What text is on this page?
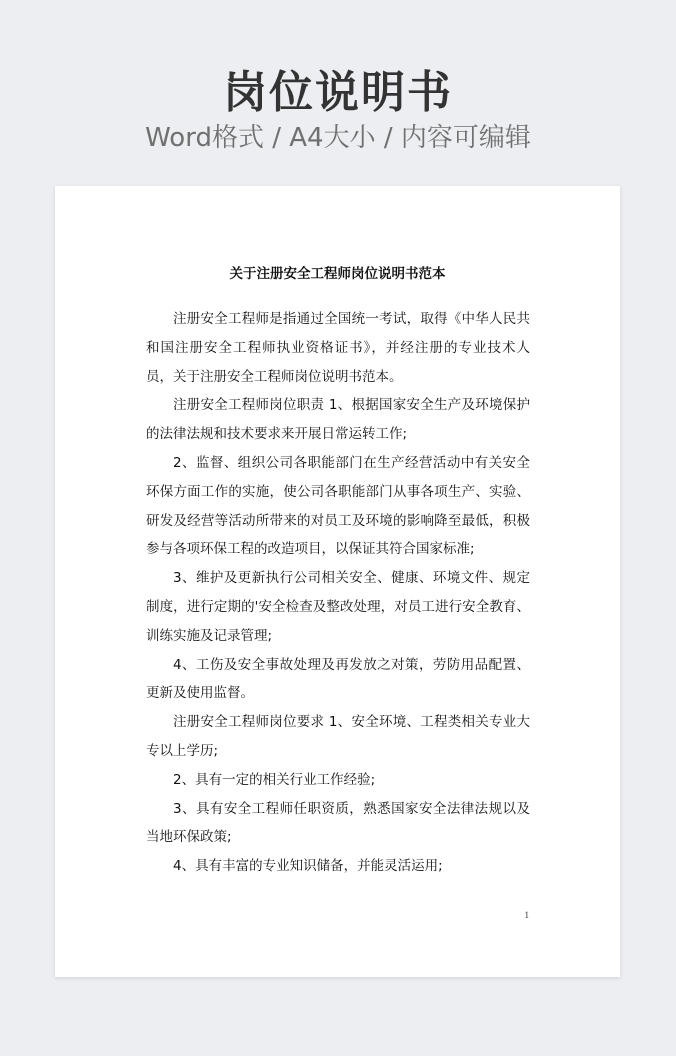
岗位说明书
Word格式 / A4大小 / 内容可编辑
关于注册安全工程师岗位说明书范本

注册安全工程师是指通过全国统一考试，取得《中华人民共和国注册安全工程师执业资格证书》，并经注册的专业技术人员，关于注册安全工程师岗位说明书范本。

注册安全工程师岗位职责 1、根据国家安全生产及环境保护的法律法规和技术要求来开展日常运转工作;

2、监督、组织公司各职能部门在生产经营活动中有关安全环保方面工作的实施，使公司各职能部门从事各项生产、实验、研发及经营等活动所带来的对员工及环境的影响降至最低，积极参与各项环保工程的改造项目，以保证其符合国家标准;

3、维护及更新执行公司相关安全、健康、环境文件、规定制度，进行定期的'安全检查及整改处理，对员工进行安全教育、训练实施及记录管理;

4、工伤及安全事故处理及再发放之对策，劳防用品配置、更新及使用监督。

注册安全工程师岗位要求 1、安全环境、工程类相关专业大专以上学历;

2、具有一定的相关行业工作经验;

3、具有安全工程师任职资质，熟悉国家安全法律法规以及当地环保政策;

4、具有丰富的专业知识储备，并能灵活运用;

1
